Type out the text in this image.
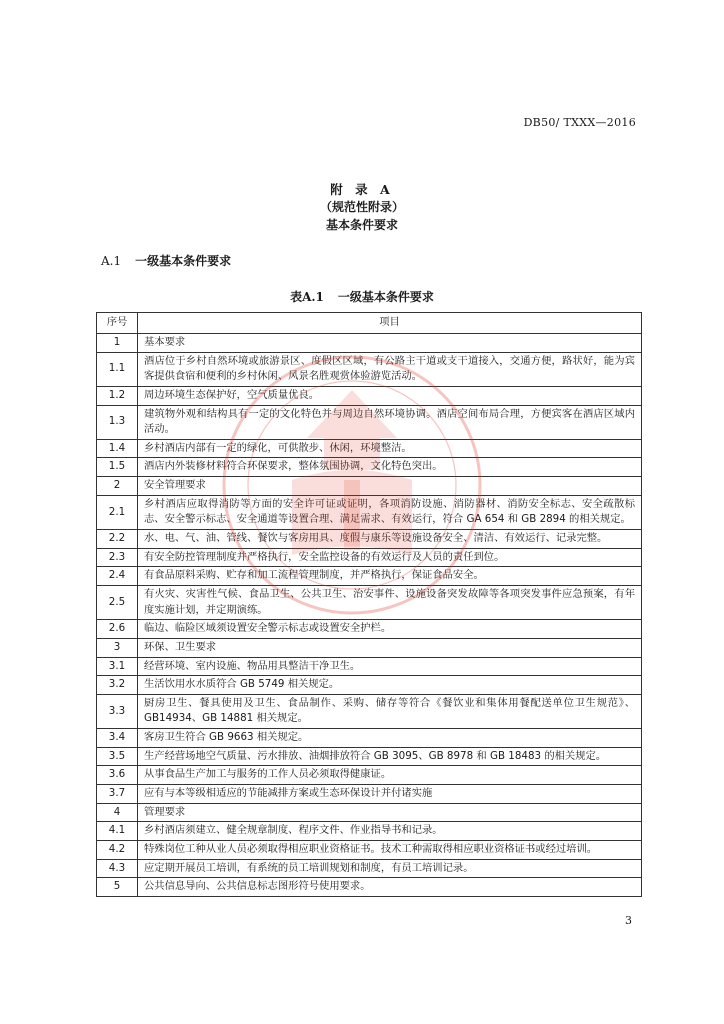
DB50/ TXXX—2016
附 录 A
（规范性附录）
基本条件要求
A.1 一级基本条件要求
表A.1 一级基本条件要求
序号	项目
1	基本要求
1.1	酒店位于乡村自然环境或旅游景区、度假区区域，有公路主干道或支干道接入，交通方便，路状好，能为宾客提供食宿和便利的乡村休闲、风景名胜观赏体验游览活动。
1.2	周边环境生态保护好，空气质量优良。
1.3	建筑物外观和结构具有一定的文化特色并与周边自然环境协调。酒店空间布局合理，方便宾客在酒店区域内活动。
1.4	乡村酒店内部有一定的绿化，可供散步、休闲，环境整洁。
1.5	酒店内外装修材料符合环保要求，整体氛围协调，文化特色突出。
2	安全管理要求
2.1	乡村酒店应取得消防等方面的安全许可证或证明，各项消防设施、消防器材、消防安全标志、安全疏散标志、安全警示标志、安全通道等设置合理、满足需求、有效运行，符合 GA 654 和 GB 2894 的相关规定。
2.2	水、电、气、油、管线、餐饮与客房用具、度假与康乐等设施设备安全、清洁、有效运行、记录完整。
2.3	有安全防控管理制度并严格执行，安全监控设备的有效运行及人员的责任到位。
2.4	有食品原料采购、贮存和加工流程管理制度，并严格执行，保证食品安全。
2.5	有火灾、灾害性气候、食品卫生、公共卫生、治安事件、设施设备突发故障等各项突发事件应急预案，有年度实施计划，并定期演练。
2.6	临边、临险区域须设置安全警示标志或设置安全护栏。
3	环保、卫生要求
3.1	经营环境、室内设施、物品用具整洁干净卫生。
3.2	生活饮用水水质符合 GB 5749 相关规定。
3.3	厨房卫生、餐具使用及卫生、食品制作、采购、储存等符合《餐饮业和集体用餐配送单位卫生规范》、GB14934、GB 14881 相关规定。
3.4	客房卫生符合 GB 9663 相关规定。
3.5	生产经营场地空气质量、污水排放、油烟排放符合 GB 3095、GB 8978 和 GB 18483 的相关规定。
3.6	从事食品生产加工与服务的工作人员必须取得健康证。
3.7	应有与本等级相适应的节能减排方案或生态环保设计并付诸实施
4	管理要求
4.1	乡村酒店须建立、健全规章制度、程序文件、作业指导书和记录。
4.2	特殊岗位工种从业人员必须取得相应职业资格证书。技术工种需取得相应职业资格证书或经过培训。
4.3	应定期开展员工培训，有系统的员工培训规划和制度，有员工培训记录。
5	公共信息导向、公共信息标志图形符号使用要求。
3
